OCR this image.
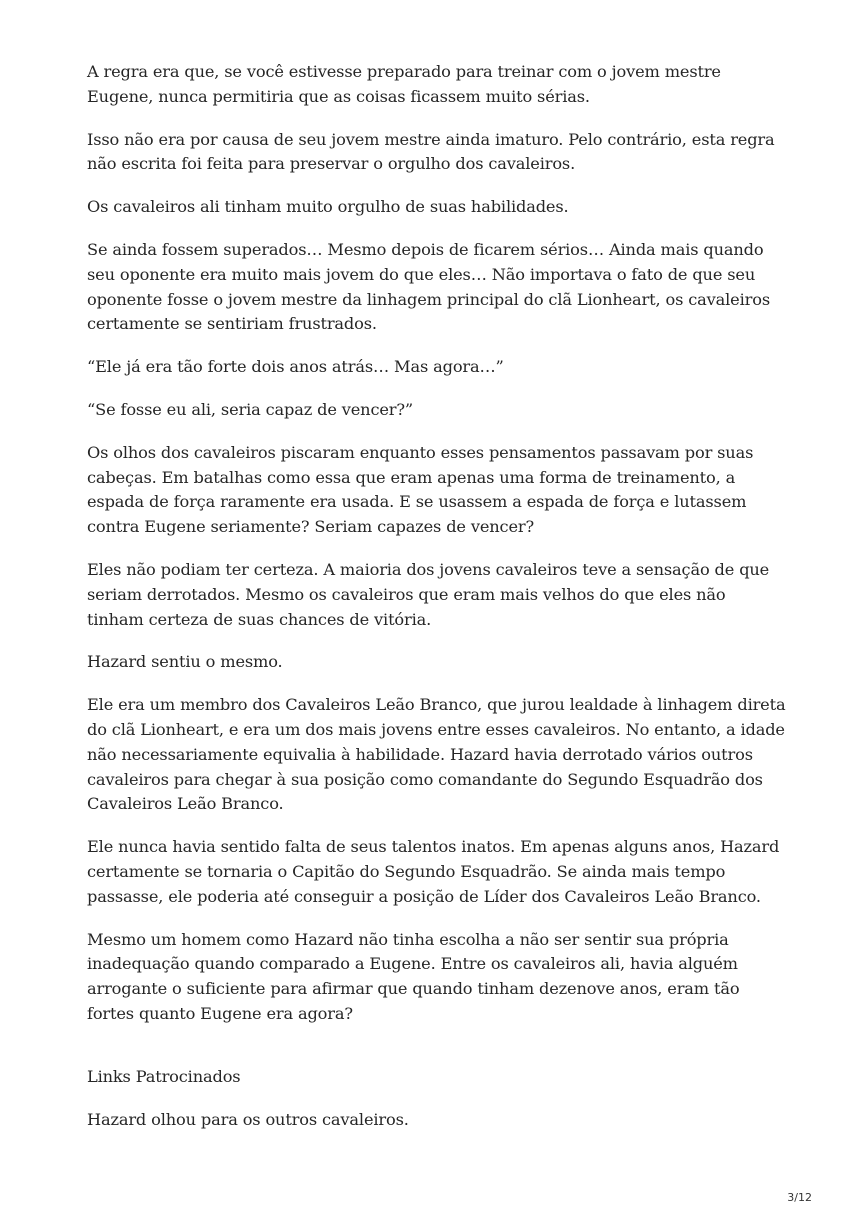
A regra era que, se você estivesse preparado para treinar com o jovem mestre Eugene, nunca permitiria que as coisas ficassem muito sérias.

Isso não era por causa de seu jovem mestre ainda imaturo. Pelo contrário, esta regra não escrita foi feita para preservar o orgulho dos cavaleiros.

Os cavaleiros ali tinham muito orgulho de suas habilidades.

Se ainda fossem superados… Mesmo depois de ficarem sérios… Ainda mais quando seu oponente era muito mais jovem do que eles… Não importava o fato de que seu oponente fosse o jovem mestre da linhagem principal do clã Lionheart, os cavaleiros certamente se sentiriam frustrados.

“Ele já era tão forte dois anos atrás… Mas agora…”

“Se fosse eu ali, seria capaz de vencer?”

Os olhos dos cavaleiros piscaram enquanto esses pensamentos passavam por suas cabeças. Em batalhas como essa que eram apenas uma forma de treinamento, a espada de força raramente era usada. E se usassem a espada de força e lutassem contra Eugene seriamente? Seriam capazes de vencer?

Eles não podiam ter certeza. A maioria dos jovens cavaleiros teve a sensação de que seriam derrotados. Mesmo os cavaleiros que eram mais velhos do que eles não tinham certeza de suas chances de vitória.

Hazard sentiu o mesmo.

Ele era um membro dos Cavaleiros Leão Branco, que jurou lealdade à linhagem direta do clã Lionheart, e era um dos mais jovens entre esses cavaleiros. No entanto, a idade não necessariamente equivalia à habilidade. Hazard havia derrotado vários outros cavaleiros para chegar à sua posição como comandante do Segundo Esquadrão dos Cavaleiros Leão Branco.

Ele nunca havia sentido falta de seus talentos inatos. Em apenas alguns anos, Hazard certamente se tornaria o Capitão do Segundo Esquadrão. Se ainda mais tempo passasse, ele poderia até conseguir a posição de Líder dos Cavaleiros Leão Branco.

Mesmo um homem como Hazard não tinha escolha a não ser sentir sua própria inadequação quando comparado a Eugene. Entre os cavaleiros ali, havia alguém arrogante o suficiente para afirmar que quando tinham dezenove anos, eram tão fortes quanto Eugene era agora?

Links Patrocinados

Hazard olhou para os outros cavaleiros.

3/12
